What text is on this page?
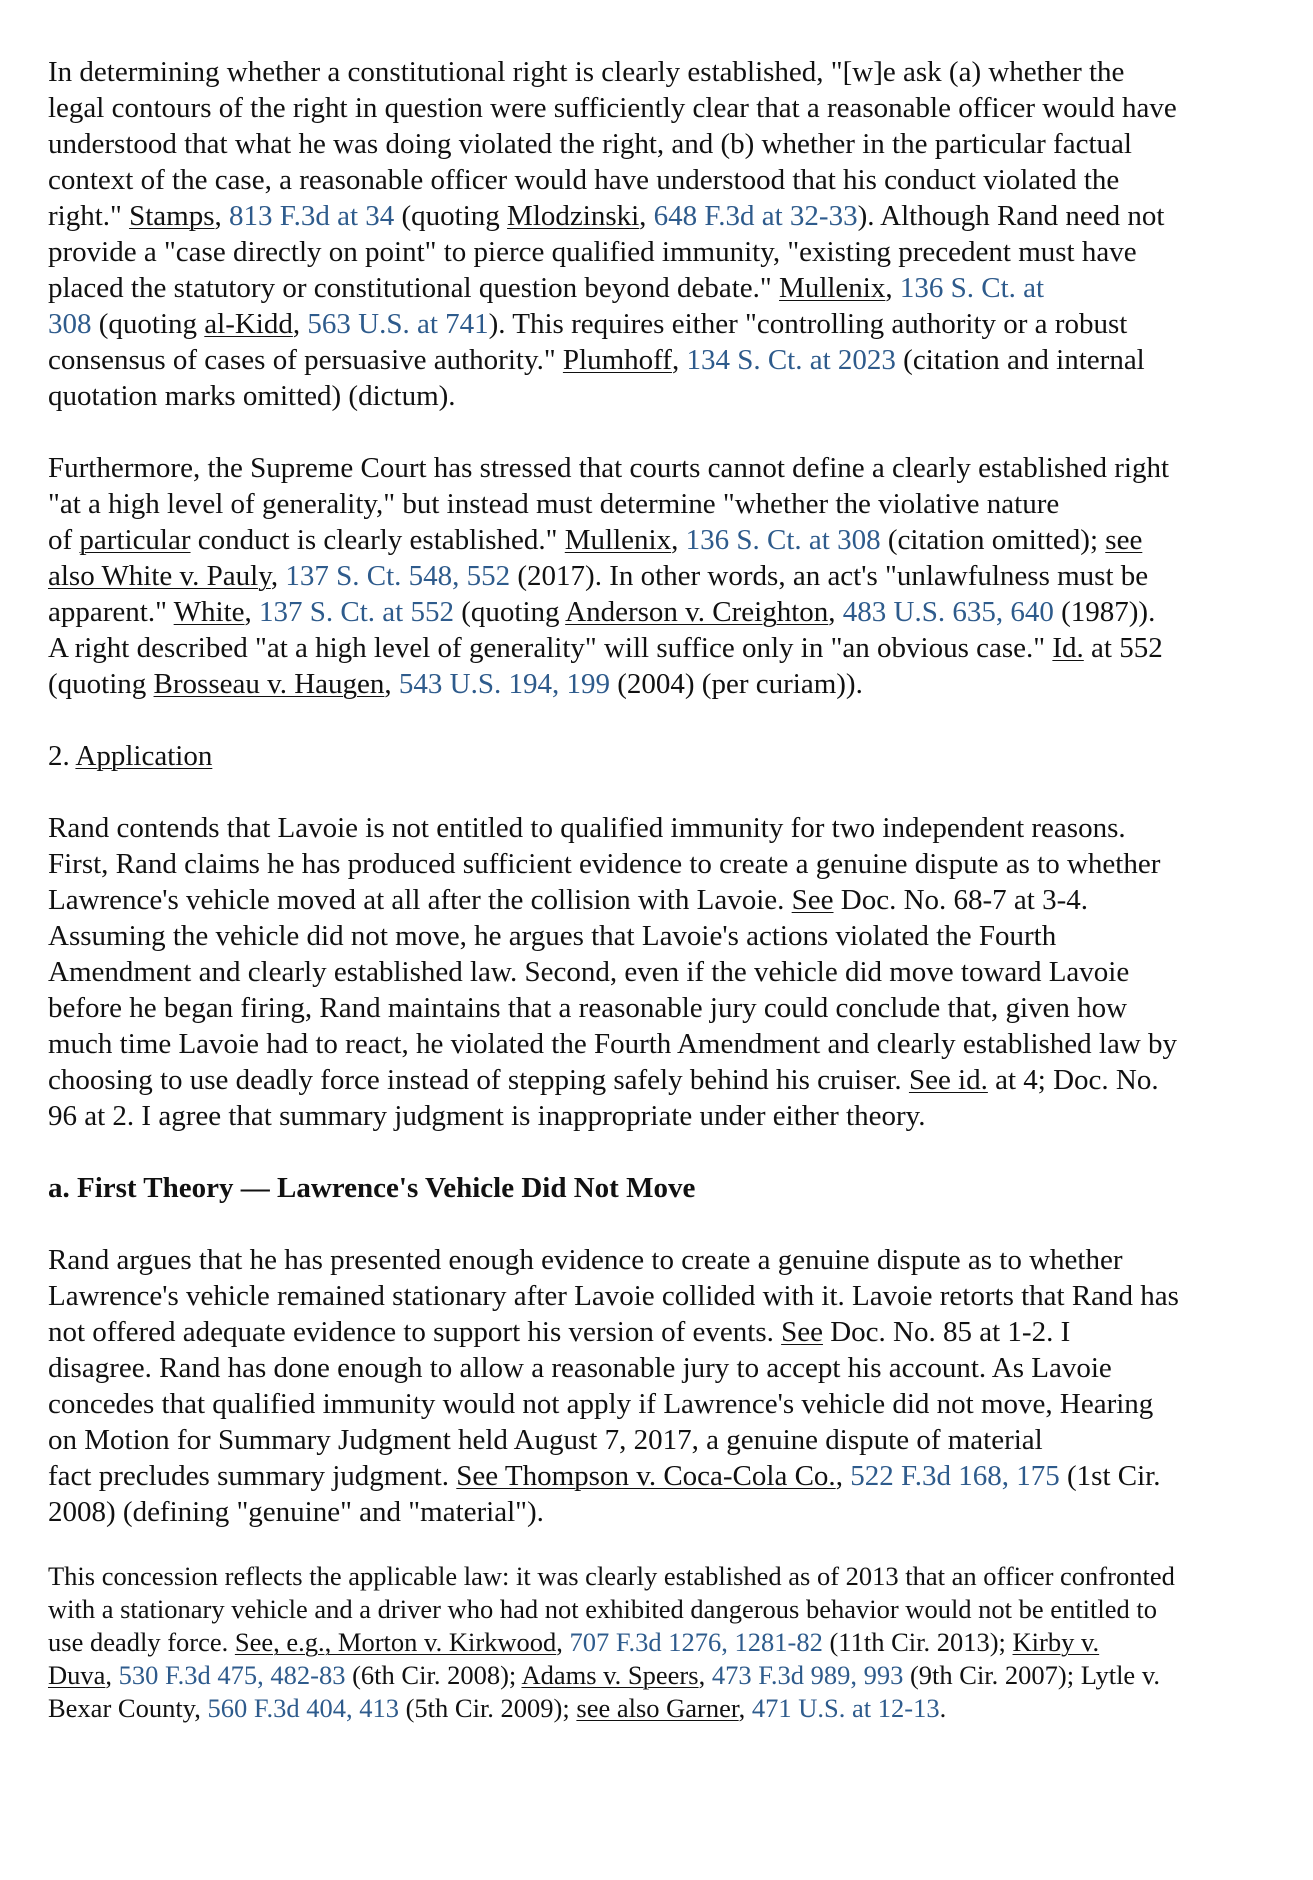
In determining whether a constitutional right is clearly established, "[w]e ask (a) whether the
legal contours of the right in question were sufficiently clear that a reasonable officer would have
understood that what he was doing violated the right, and (b) whether in the particular factual
context of the case, a reasonable officer would have understood that his conduct violated the
right." Stamps, 813 F.3d at 34 (quoting Mlodzinski, 648 F.3d at 32-33). Although Rand need not
provide a "case directly on point" to pierce qualified immunity, "existing precedent must have
placed the statutory or constitutional question beyond debate." Mullenix, 136 S. Ct. at
308 (quoting al-Kidd, 563 U.S. at 741). This requires either "controlling authority or a robust
consensus of cases of persuasive authority." Plumhoff, 134 S. Ct. at 2023 (citation and internal
quotation marks omitted) (dictum).

Furthermore, the Supreme Court has stressed that courts cannot define a clearly established right
"at a high level of generality," but instead must determine "whether the violative nature
of particular conduct is clearly established." Mullenix, 136 S. Ct. at 308 (citation omitted); see
also White v. Pauly, 137 S. Ct. 548, 552 (2017). In other words, an act's "unlawfulness must be
apparent." White, 137 S. Ct. at 552 (quoting Anderson v. Creighton, 483 U.S. 635, 640 (1987)).
A right described "at a high level of generality" will suffice only in "an obvious case." Id. at 552
(quoting Brosseau v. Haugen, 543 U.S. 194, 199 (2004) (per curiam)).

2. Application

Rand contends that Lavoie is not entitled to qualified immunity for two independent reasons.
First, Rand claims he has produced sufficient evidence to create a genuine dispute as to whether
Lawrence's vehicle moved at all after the collision with Lavoie. See Doc. No. 68-7 at 3-4.
Assuming the vehicle did not move, he argues that Lavoie's actions violated the Fourth
Amendment and clearly established law. Second, even if the vehicle did move toward Lavoie
before he began firing, Rand maintains that a reasonable jury could conclude that, given how
much time Lavoie had to react, he violated the Fourth Amendment and clearly established law by
choosing to use deadly force instead of stepping safely behind his cruiser. See id. at 4; Doc. No.
96 at 2. I agree that summary judgment is inappropriate under either theory.

a. First Theory — Lawrence's Vehicle Did Not Move

Rand argues that he has presented enough evidence to create a genuine dispute as to whether
Lawrence's vehicle remained stationary after Lavoie collided with it. Lavoie retorts that Rand has
not offered adequate evidence to support his version of events. See Doc. No. 85 at 1-2. I
disagree. Rand has done enough to allow a reasonable jury to accept his account. As Lavoie
concedes that qualified immunity would not apply if Lawrence's vehicle did not move, Hearing
on Motion for Summary Judgment held August 7, 2017, a genuine dispute of material
fact precludes summary judgment. See Thompson v. Coca-Cola Co., 522 F.3d 168, 175 (1st Cir.
2008) (defining "genuine" and "material").

This concession reflects the applicable law: it was clearly established as of 2013 that an officer confronted
with a stationary vehicle and a driver who had not exhibited dangerous behavior would not be entitled to
use deadly force. See, e.g., Morton v. Kirkwood, 707 F.3d 1276, 1281-82 (11th Cir. 2013); Kirby v.
Duva, 530 F.3d 475, 482-83 (6th Cir. 2008); Adams v. Speers, 473 F.3d 989, 993 (9th Cir. 2007); Lytle v.
Bexar County, 560 F.3d 404, 413 (5th Cir. 2009); see also Garner, 471 U.S. at 12-13.
